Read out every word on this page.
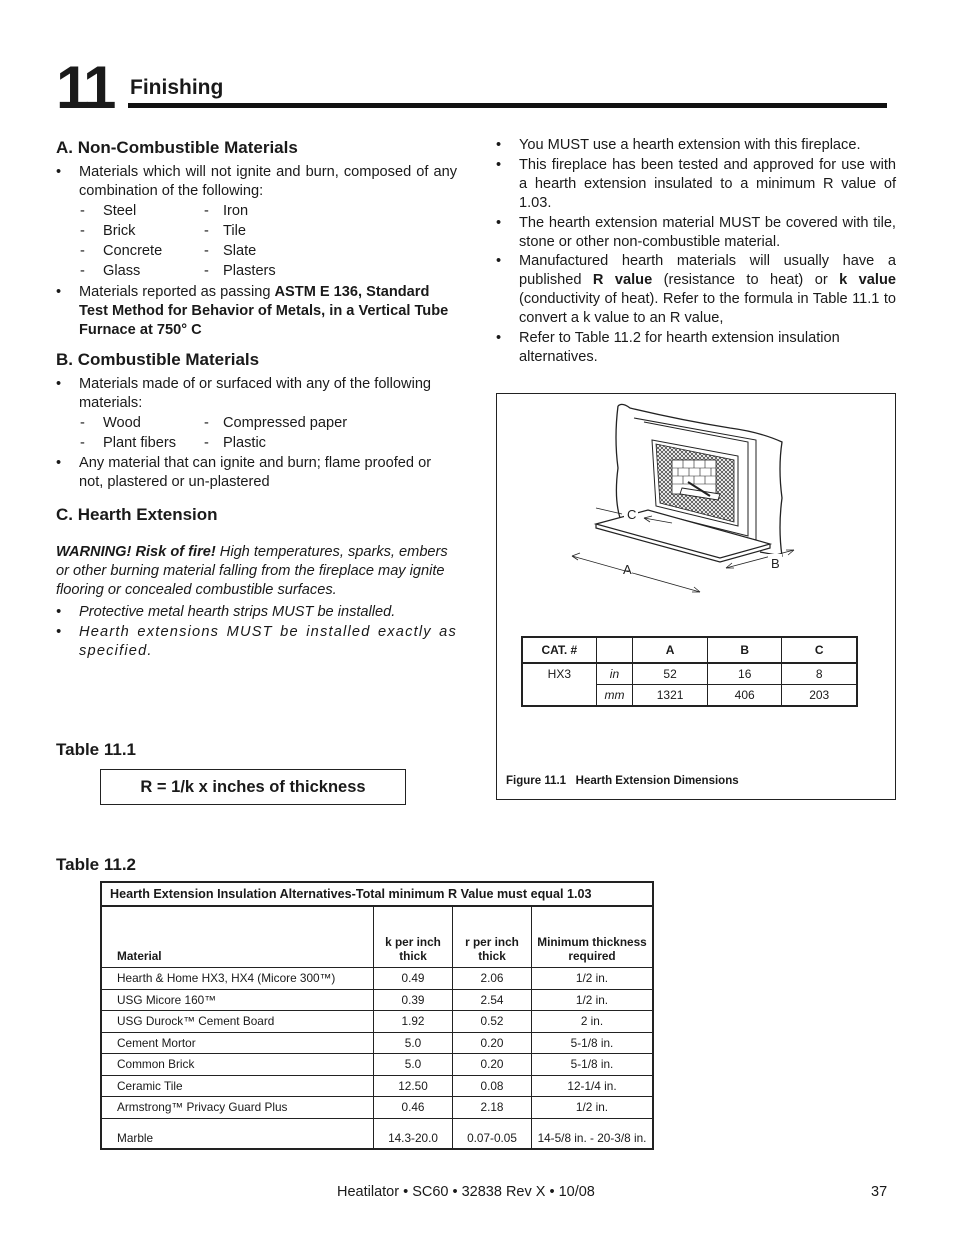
11 Finishing
A. Non-Combustible Materials
• Materials which will not ignite and burn, composed of any combination of the following:
- Steel	- Iron
- Brick	- Tile
- Concrete	- Slate
- Glass	- Plasters
• Materials reported as passing ASTM E 136, Standard Test Method for Behavior of Metals, in a Vertical Tube Furnace at 750° C
B. Combustible Materials
• Materials made of or surfaced with any of the following materials:
- Wood	- Compressed paper
- Plant fibers - Plastic
• Any material that can ignite and burn; flame proofed or not, plastered or un-plastered
C. Hearth Extension
WARNING! Risk of fire! High temperatures, sparks, embers or other burning material falling from the fireplace may ignite flooring or concealed combustible surfaces.
• Protective metal hearth strips MUST be installed.
• Hearth extensions MUST be installed exactly as specified.
• You MUST use a hearth extension with this fireplace.
• This fireplace has been tested and approved for use with a hearth extension insulated to a minimum R value of 1.03.
• The hearth extension material MUST be covered with tile, stone or other non-combustible material.
• Manufactured hearth materials will usually have a published R value (resistance to heat) or k value (conductivity of heat). Refer to the formula in Table 11.1 to convert a k value to an R value,
• Refer to Table 11.2 for hearth extension insulation alternatives.
A	B
C
CAT. #		A	B	C
HX3	in	52	16	8
	mm	1321	406	203
Figure 11.1   Hearth Extension Dimensions
Table 11.1
R = 1/k x inches of thickness
Table 11.2
Hearth Extension Insulation Alternatives-Total minimum R Value must equal 1.03			
Material	k per inch thick	r per inch thick	Minimum thickness required
Hearth & Home HX3, HX4 (Micore 300™)	0.49	2.06	1/2 in.
USG Micore 160™	0.39	2.54	1/2 in.
USG Durock™ Cement Board	1.92	0.52	2 in.
Cement Mortor	5.0	0.20	5-1/8 in.
Common Brick	5.0	0.20	5-1/8 in.
Ceramic Tile	12.50	0.08	12-1/4 in.
Armstrong™ Privacy Guard Plus	0.46	2.18	1/2 in.
Marble	14.3-20.0	0.07-0.05	14-5/8 in. - 20-3/8 in.
Heatilator • SC60 • 32838 Rev X • 10/08	37
